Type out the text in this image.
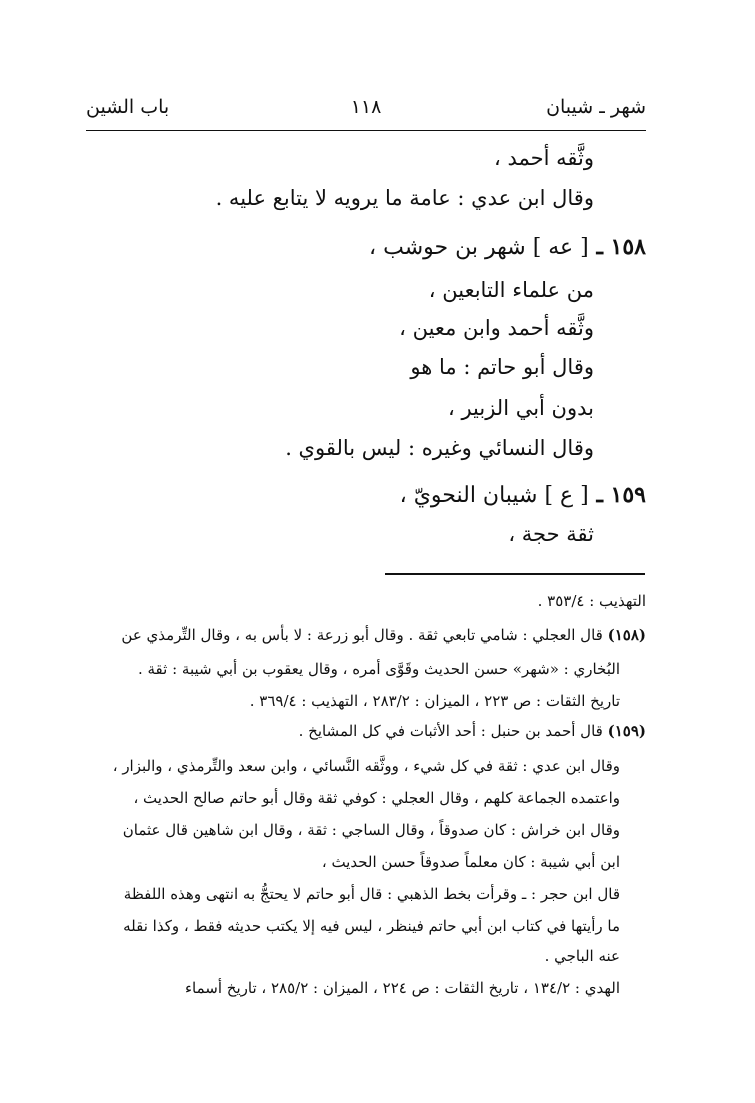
شهر ـ شيبان
١١٨
باب الشين
وثَّقه أحمد ،
وقال ابن عدي : عامة ما يرويه لا يتابع عليه .
١٥٨ ـ [ عه ] شهر بن حوشب ،
من علماء التابعين ،
وثَّقه أحمد وابن معين ،
وقال أبو حاتم : ما هو
بدون أبي الزبير ،
وقال النسائي وغيره : ليس بالقوي .
١٥٩ ـ [ ع ] شيبان النحويّ ،
ثقة حجة ،
التهذيب : ٣٥٣/٤ .
(١٥٨) قال العجلي : شامي تابعي ثقة . وقال أبو زرعة : لا بأس به ، وقال التِّرمذي عن
البُخاري : «شهر» حسن الحديث وقَوَّى أمره ، وقال يعقوب بن أبي شيبة : ثقة .
تاريخ الثقات : ص ٢٢٣ ، الميزان : ٢٨٣/٢ ، التهذيب : ٣٦٩/٤ .
(١٥٩) قال أحمد بن حنبل : أحد الأثبات في كل المشايخ .
وقال ابن عدي : ثقة في كل شيء ، ووثَّقه النَّسائي ، وابن سعد والتِّرمذي ، والبزار ،
واعتمده الجماعة كلهم ، وقال العجلي : كوفي ثقة وقال أبو حاتم صالح الحديث ،
وقال ابن خراش : كان صدوقاً ، وقال الساجي : ثقة ، وقال ابن شاهين قال عثمان
ابن أبي شيبة : كان معلماً صدوقاً حسن الحديث ،
قال ابن حجر : ـ وقرأت بخط الذهبي : قال أبو حاتم لا يحتجُّ به انتهى وهذه اللفظة
ما رأيتها في كتاب ابن أبي حاتم فينظر ، ليس فيه إلا يكتب حديثه فقط ، وكذا نقله
عنه الباجي .
الهدي : ١٣٤/٢ ، تاريخ الثقات : ص ٢٢٤ ، الميزان : ٢٨٥/٢ ، تاريخ أسماء
